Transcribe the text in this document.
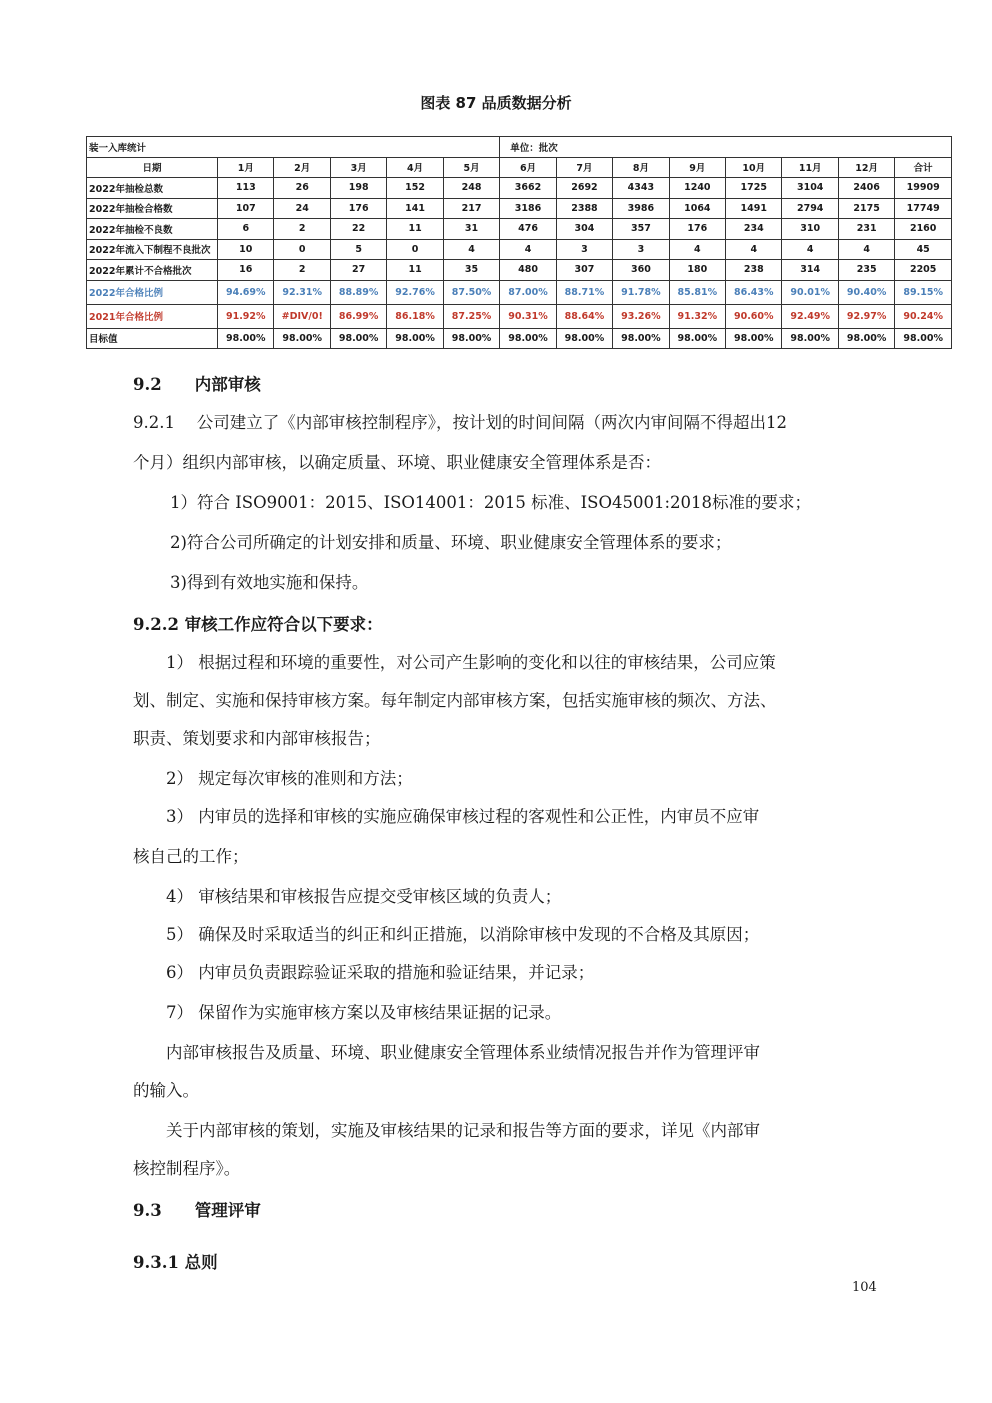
图表 87 品质数据分析
装一入库统计						单位：批次							
日期	1月	2月	3月	4月	5月	6月	7月	8月	9月	10月	11月	12月	合计
2022年抽检总数	113	26	198	152	248	3662	2692	4343	1240	1725	3104	2406	19909
2022年抽检合格数	107	24	176	141	217	3186	2388	3986	1064	1491	2794	2175	17749
2022年抽检不良数	6	2	22	11	31	476	304	357	176	234	310	231	2160
2022年流入下制程不良批次	10	0	5	0	4	4	3	3	4	4	4	4	45
2022年累计不合格批次	16	2	27	11	35	480	307	360	180	238	314	235	2205
2022年合格比例	94.69%	92.31%	88.89%	92.76%	87.50%	87.00%	88.71%	91.78%	85.81%	86.43%	90.01%	90.40%	89.15%
2021年合格比例	91.92%	#DIV/0!	86.99%	86.18%	87.25%	90.31%	88.64%	93.26%	91.32%	90.60%	92.49%	92.97%	90.24%
目标值	98.00%	98.00%	98.00%	98.00%	98.00%	98.00%	98.00%	98.00%	98.00%	98.00%	98.00%	98.00%	98.00%
9.2　　内部审核
9.2.1　 公司建立了《内部审核控制程序》，按计划的时间间隔（两次内审间隔不得超出12
个月）组织内部审核，以确定质量、环境、职业健康安全管理体系是否：
1）符合 ISO9001：2015、ISO14001：2015 标准、ISO45001:2018标准的要求；
2)符合公司所确定的计划安排和质量、环境、职业健康安全管理体系的要求；
3)得到有效地实施和保持。
9.2.2 审核工作应符合以下要求：
1） 根据过程和环境的重要性，对公司产生影响的变化和以往的审核结果，公司应策
划、制定、实施和保持审核方案。每年制定内部审核方案，包括实施审核的频次、方法、
职责、策划要求和内部审核报告；
2） 规定每次审核的准则和方法；
3） 内审员的选择和审核的实施应确保审核过程的客观性和公正性，内审员不应审
核自己的工作；
4） 审核结果和审核报告应提交受审核区域的负责人；
5） 确保及时采取适当的纠正和纠正措施，以消除审核中发现的不合格及其原因；
6） 内审员负责跟踪验证采取的措施和验证结果，并记录；
7） 保留作为实施审核方案以及审核结果证据的记录。
内部审核报告及质量、环境、职业健康安全管理体系业绩情况报告并作为管理评审
的输入。
关于内部审核的策划，实施及审核结果的记录和报告等方面的要求，详见《内部审
核控制程序》。
9.3　　管理评审
9.3.1 总则
104
